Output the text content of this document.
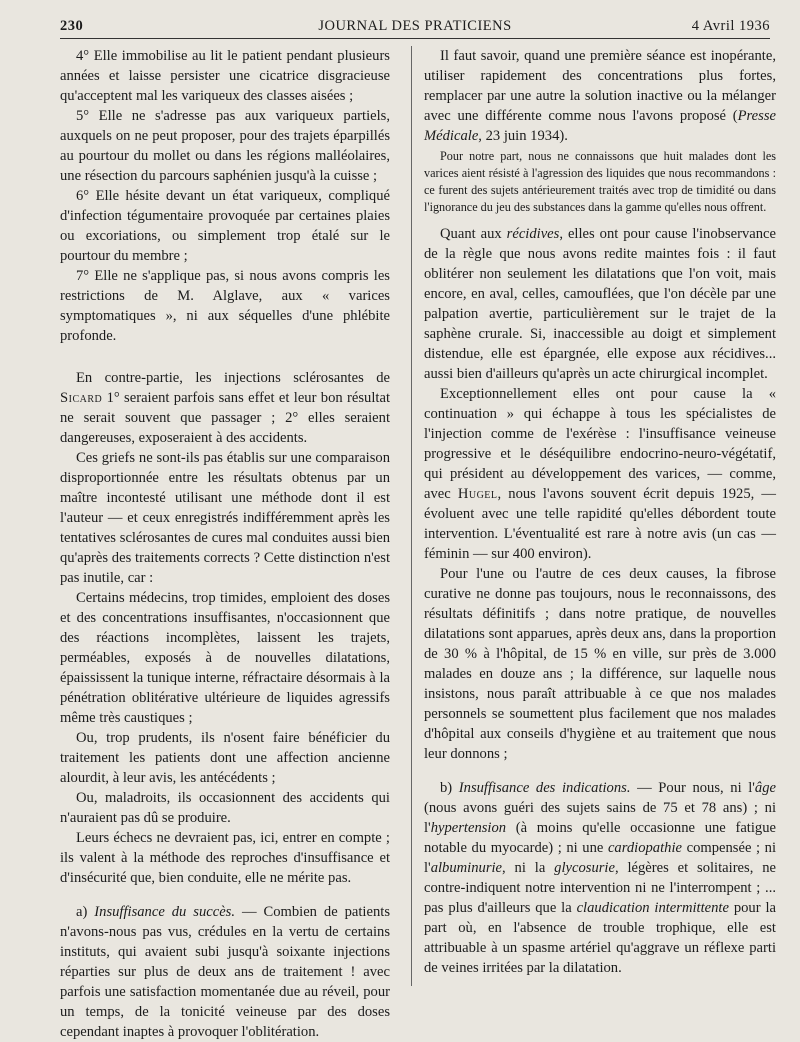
230	JOURNAL DES PRATICIENS	4 Avril 1936

4° Elle immobilise au lit le patient pendant plusieurs années et laisse persister une cicatrice disgracieuse qu'acceptent mal les variqueux des classes aisées ;

5° Elle ne s'adresse pas aux variqueux partiels, auxquels on ne peut proposer, pour des trajets éparpillés au pourtour du mollet ou dans les régions malléolaires, une résection du parcours saphénien jusqu'à la cuisse ;

6° Elle hésite devant un état variqueux, compliqué d'infection tégumentaire provoquée par certaines plaies ou excoriations, ou simplement trop étalé sur le pourtour du membre ;

7° Elle ne s'applique pas, si nous avons compris les restrictions de M. Alglave, aux « varices symptomatiques », ni aux séquelles d'une phlébite profonde.

En contre-partie, les injections sclérosantes de Sicard 1° seraient parfois sans effet et leur bon résultat ne serait souvent que passager ; 2° elles seraient dangereuses, exposeraient à des accidents.

Ces griefs ne sont-ils pas établis sur une comparaison disproportionnée entre les résultats obtenus par un maître incontesté utilisant une méthode dont il est l'auteur — et ceux enregistrés indifféremment après les tentatives sclérosantes de cures mal conduites aussi bien qu'après des traitements corrects ? Cette distinction n'est pas inutile, car :

Certains médecins, trop timides, emploient des doses et des concentrations insuffisantes, n'occasionnent que des réactions incomplètes, laissent les trajets, perméables, exposés à de nouvelles dilatations, épaississent la tunique interne, réfractaire désormais à la pénétration oblitérative ultérieure de liquides agressifs même très caustiques ;

Ou, trop prudents, ils n'osent faire bénéficier du traitement les patients dont une affection ancienne alourdit, à leur avis, les antécédents ;

Ou, maladroits, ils occasionnent des accidents qui n'auraient pas dû se produire.

Leurs échecs ne devraient pas, ici, entrer en compte ; ils valent à la méthode des reproches d'insuffisance et d'insécurité que, bien conduite, elle ne mérite pas.

a) Insuffisance du succès. — Combien de patients n'avons-nous pas vus, crédules en la vertu de certains instituts, qui avaient subi jusqu'à soixante injections réparties sur plus de deux ans de traitement ! avec parfois une satisfaction momentanée due au réveil, pour un temps, de la tonicité veineuse par des doses cependant inaptes à provoquer l'oblitération.

Il faut savoir, quand une première séance est inopérante, utiliser rapidement des concentrations plus fortes, remplacer par une autre la solution inactive ou la mélanger avec une différente comme nous l'avons proposé (Presse Médicale, 23 juin 1934).

Pour notre part, nous ne connaissons que huit malades dont les varices aient résisté à l'agression des liquides que nous recommandons : ce furent des sujets antérieurement traités avec trop de timidité ou dans l'ignorance du jeu des substances dans la gamme qu'elles nous offrent.

Quant aux récidives, elles ont pour cause l'inobservance de la règle que nous avons redite maintes fois : il faut oblitérer non seulement les dilatations que l'on voit, mais encore, en aval, celles, camouflées, que l'on décèle par une palpation avertie, particulièrement sur le trajet de la saphène crurale. Si, inaccessible au doigt et simplement distendue, elle est épargnée, elle expose aux récidives... aussi bien d'ailleurs qu'après un acte chirurgical incomplet.

Exceptionnellement elles ont pour cause la « continuation » qui échappe à tous les spécialistes de l'injection comme de l'exérèse : l'insuffisance veineuse progressive et le déséquilibre endocrino-neuro-végétatif, qui président au développement des varices, — comme, avec Hugel, nous l'avons souvent écrit depuis 1925, — évoluent avec une telle rapidité qu'elles débordent toute intervention. L'éventualité est rare à notre avis (un cas — féminin — sur 400 environ).

Pour l'une ou l'autre de ces deux causes, la fibrose curative ne donne pas toujours, nous le reconnaissons, des résultats définitifs ; dans notre pratique, de nouvelles dilatations sont apparues, après deux ans, dans la proportion de 30 % à l'hôpital, de 15 % en ville, sur près de 3.000 malades en douze ans ; la différence, sur laquelle nous insistons, nous paraît attribuable à ce que nos malades personnels se soumettent plus facilement que nos malades d'hôpital aux conseils d'hygiène et au traitement que nous leur donnons ;

b) Insuffisance des indications. — Pour nous, ni l'âge (nous avons guéri des sujets sains de 75 et 78 ans) ; ni l'hypertension (à moins qu'elle occasionne une fatigue notable du myocarde) ; ni une cardiopathie compensée ; ni l'albuminurie, ni la glycosurie, légères et solitaires, ne contre-indiquent notre intervention ni ne l'interrompent ; ... pas plus d'ailleurs que la claudication intermittente pour la part où, en l'absence de trouble trophique, elle est attribuable à un spasme artériel qu'aggrave un réflexe parti de veines irritées par la dilatation.
